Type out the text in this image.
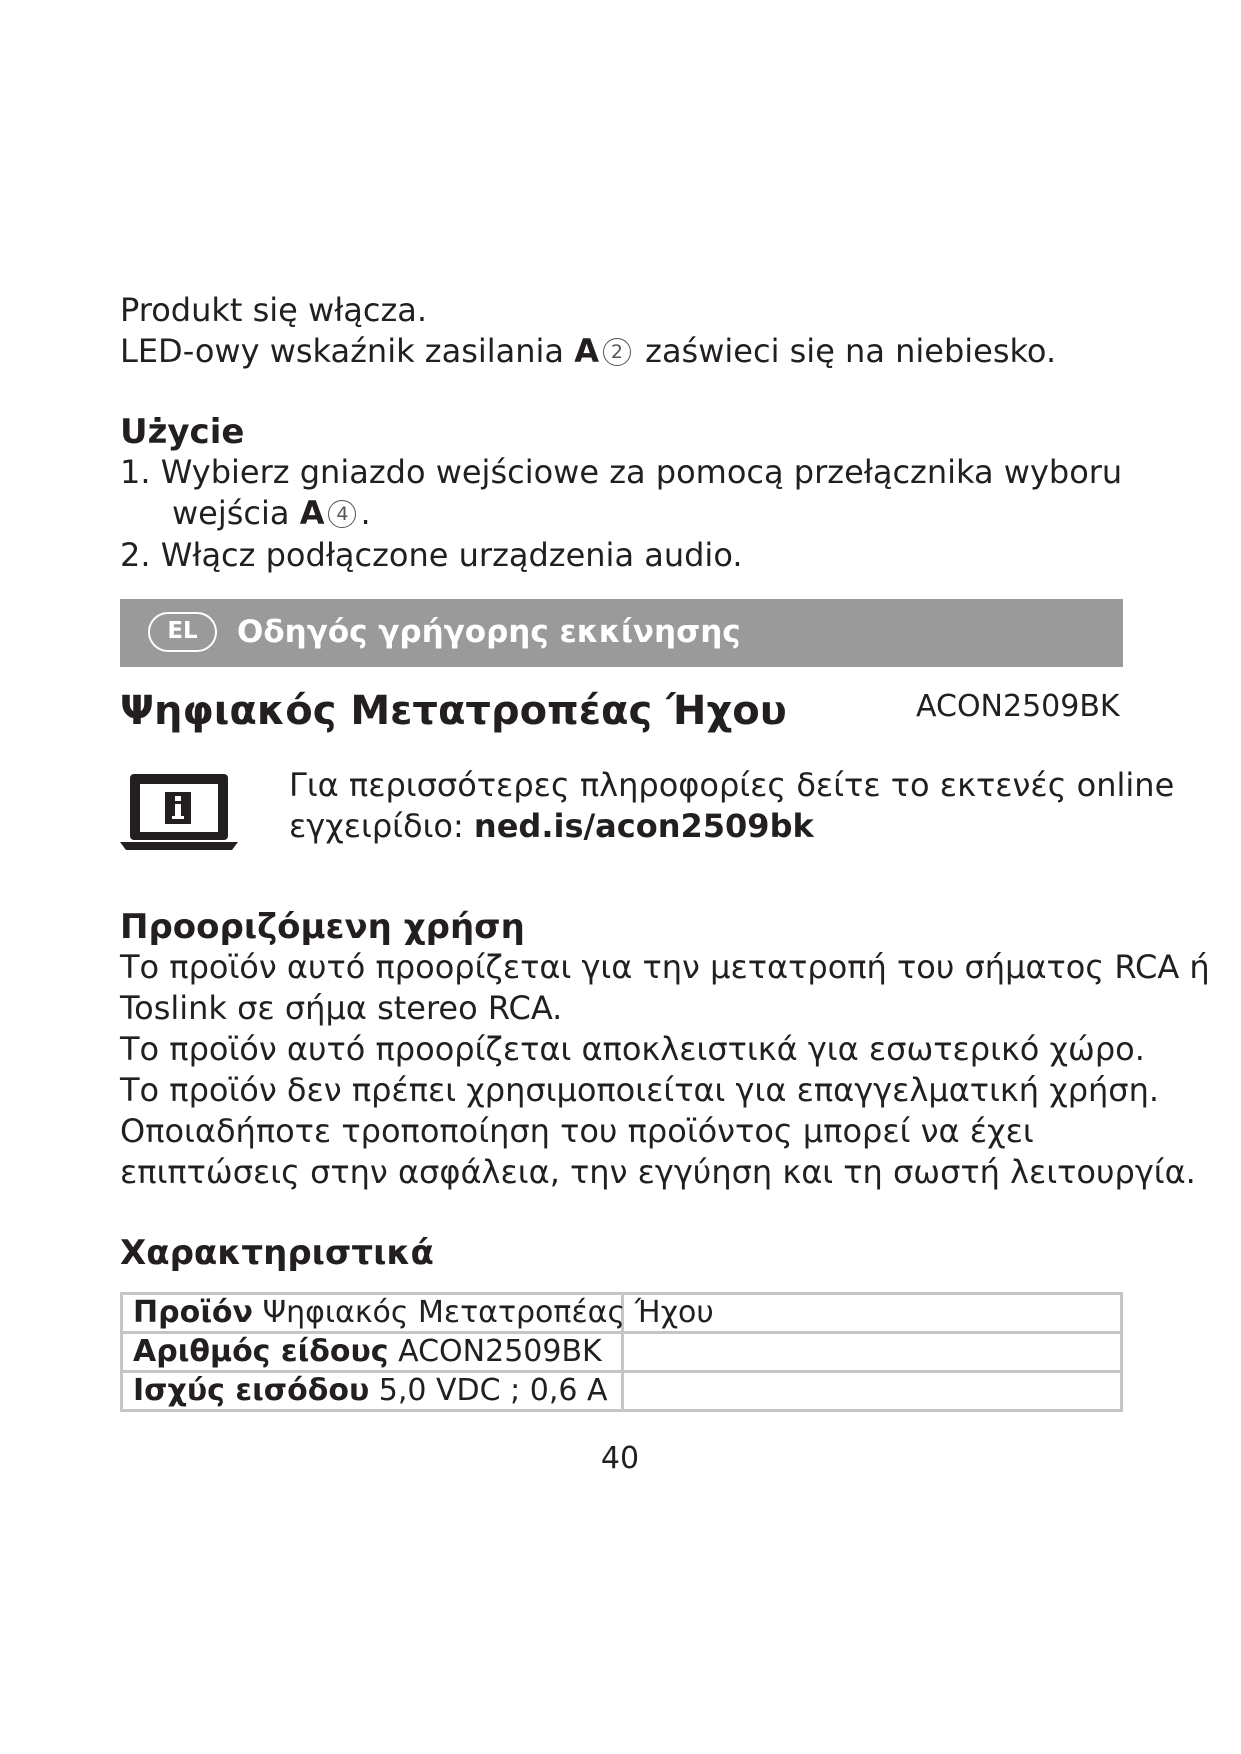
Produkt się włącza.
LED-owy wskaźnik zasilania A 2 zaświeci się na niebiesko.
Użycie
1. Wybierz gniazdo wejściowe za pomocą przełącznika wyboru
wejścia A 4 .
2. Włącz podłączone urządzenia audio.
EL	Οδηγός γρήγορης εκκίνησης
Ψηφιακός Μετατροπέας Ήχου	ACON2509BK
Για περισσότερες πληροφορίες δείτε το εκτενές online
εγχειρίδιο: ned.is/acon2509bk
Προοριζόμενη χρήση
Το προϊόν αυτό προορίζεται για την μετατροπή του σήματος RCA ή
Toslink σε σήμα stereo RCA.
Το προϊόν αυτό προορίζεται αποκλειστικά για εσωτερικό χώρο.
Το προϊόν δεν πρέπει χρησιμοποιείται για επαγγελματική χρήση.
Οποιαδήποτε τροποποίηση του προϊόντος μπορεί να έχει
επιπτώσεις στην ασφάλεια, την εγγύηση και τη σωστή λειτουργία.
Χαρακτηριστικά
Προϊόν Ψηφιακός Μετατροπέας Ήχου	
Αριθμός είδους ACON2509BK	
Ισχύς εισόδου 5,0 VDC ; 0,6 A	
40
